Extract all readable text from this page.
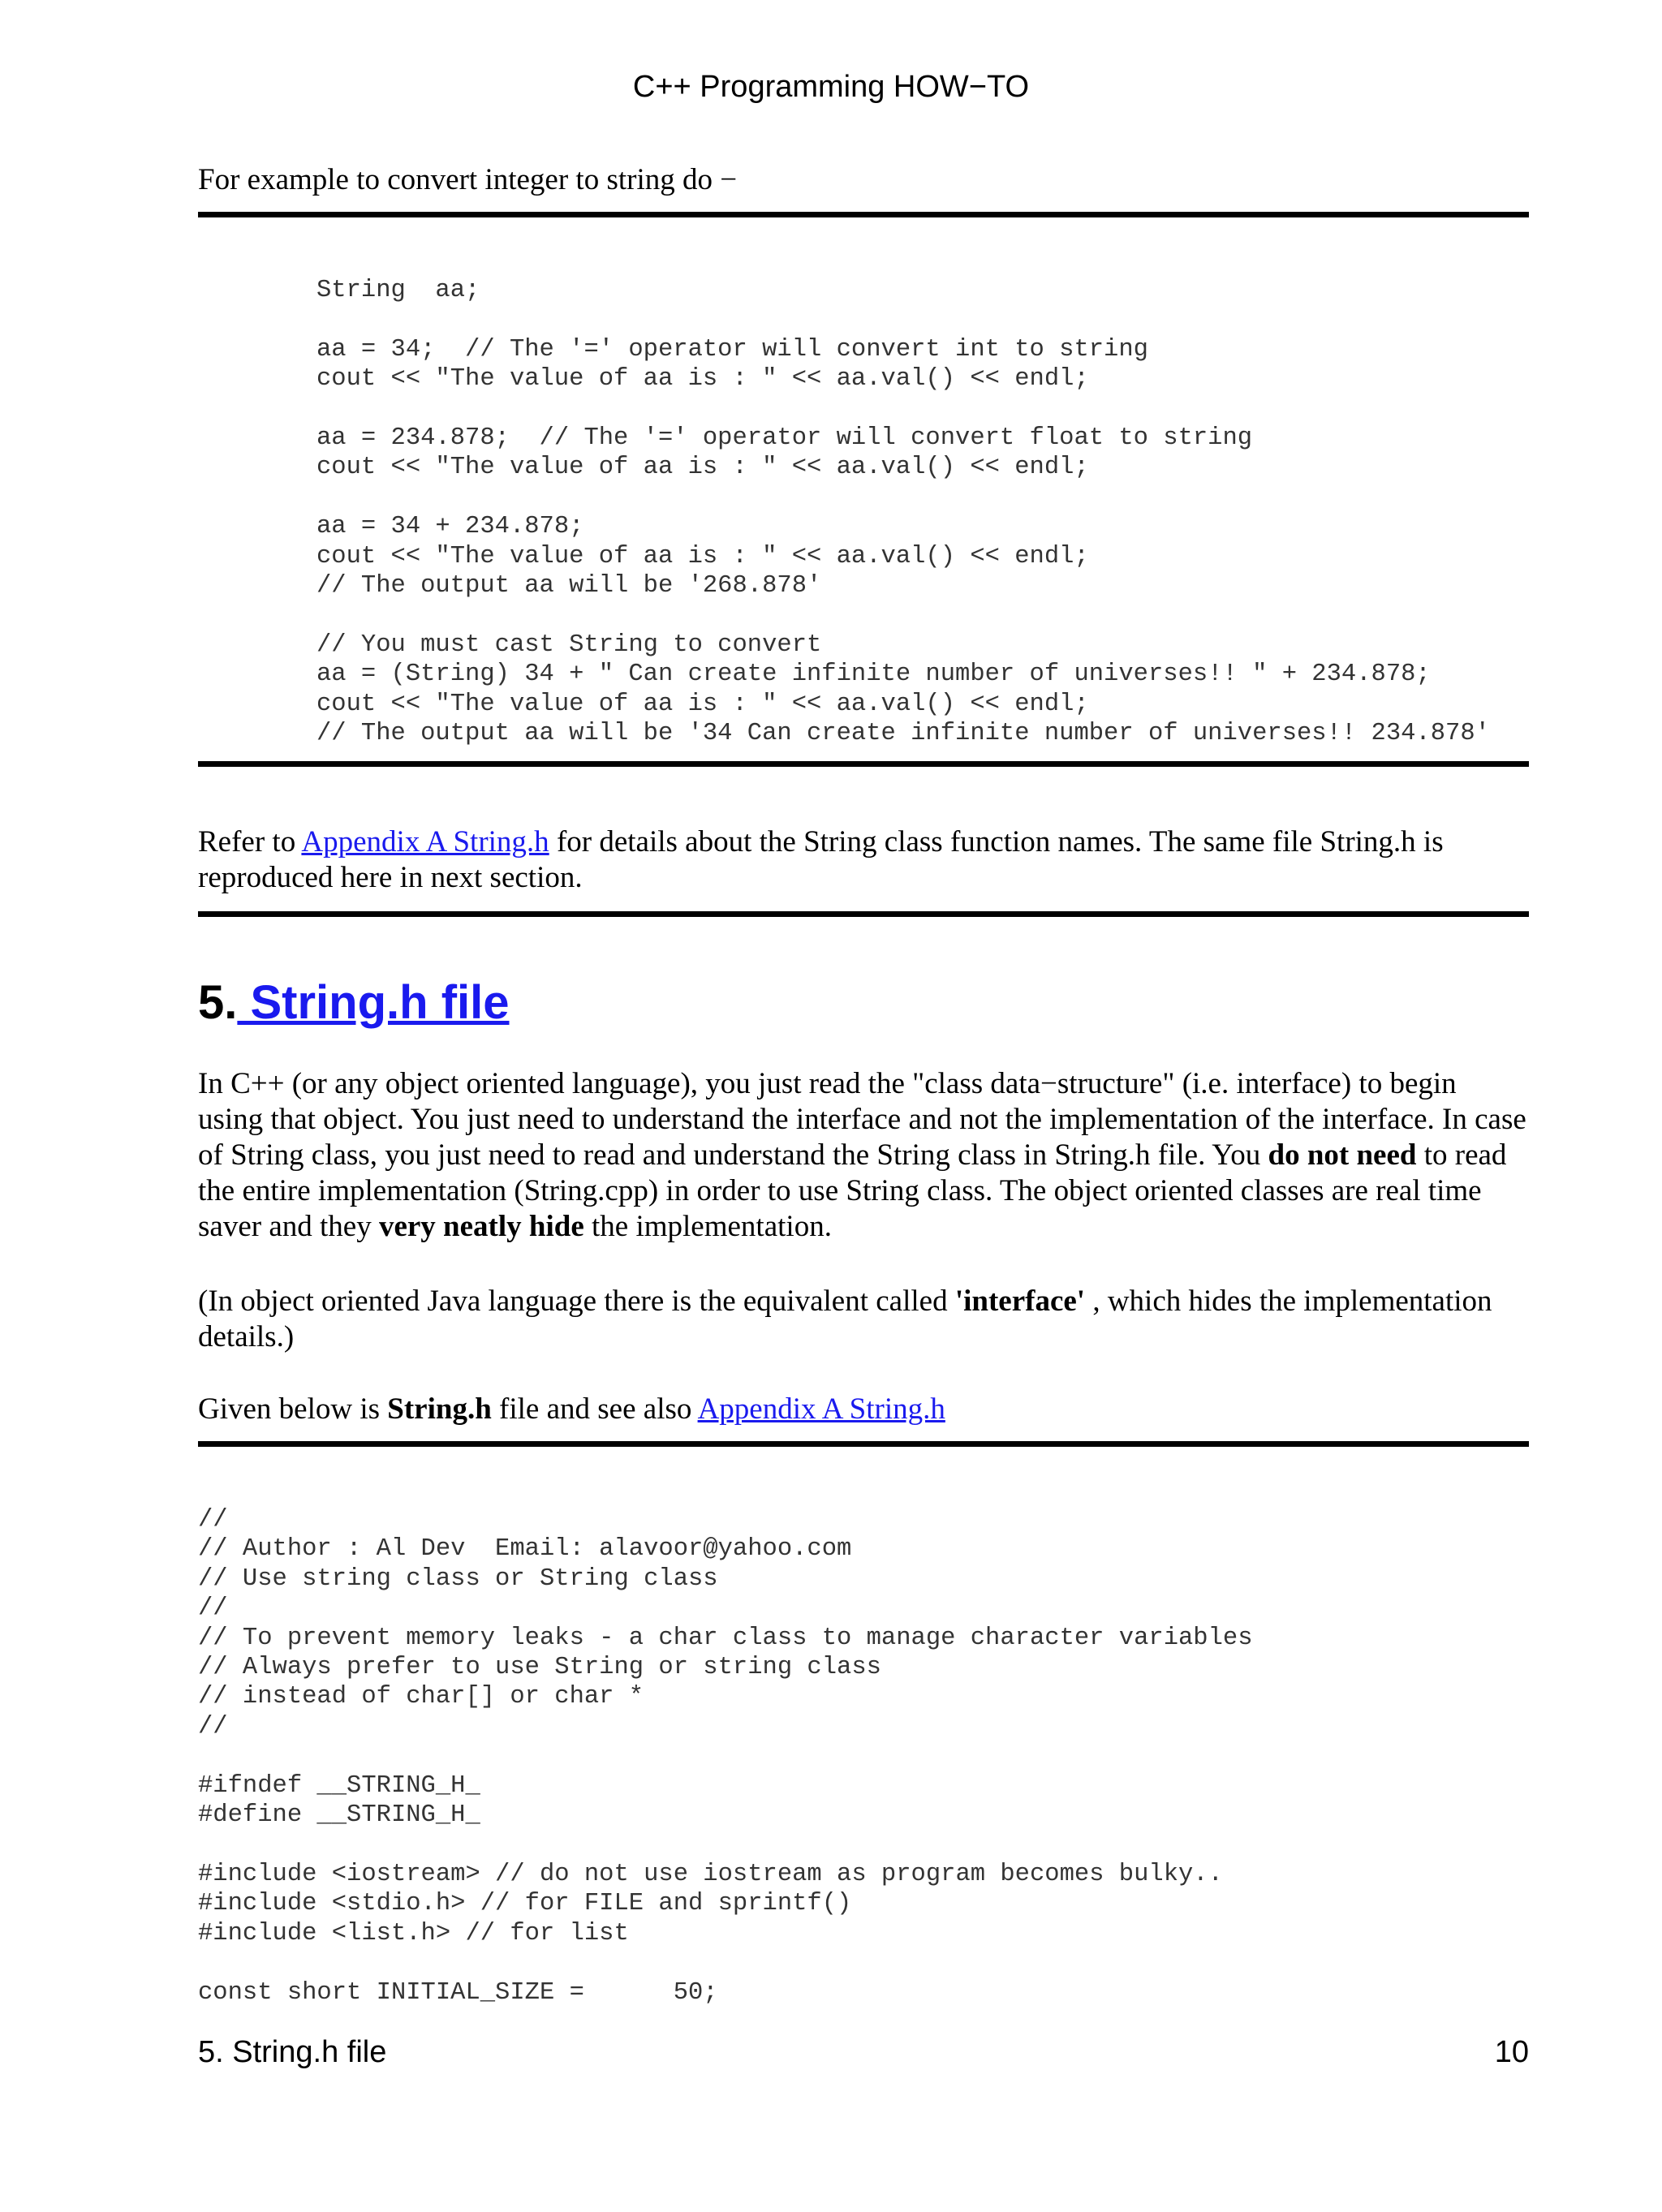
C++ Programming HOW−TO
For example to convert integer to string do −
String  aa;

aa = 34;  // The '=' operator will convert int to string
cout << "The value of aa is : " << aa.val() << endl;

aa = 234.878;  // The '=' operator will convert float to string
cout << "The value of aa is : " << aa.val() << endl;

aa = 34 + 234.878;
cout << "The value of aa is : " << aa.val() << endl;
// The output aa will be '268.878'

// You must cast String to convert
aa = (String) 34 + " Can create infinite number of universes!! " + 234.878;
cout << "The value of aa is : " << aa.val() << endl;
// The output aa will be '34 Can create infinite number of universes!! 234.878'
Refer to Appendix A String.h for details about the String class function names. The same file String.h is reproduced here in next section.
5. String.h file
In C++ (or any object oriented language), you just read the "class data−structure" (i.e. interface) to begin using that object. You just need to understand the interface and not the implementation of the interface. In case of String class, you just need to read and understand the String class in String.h file. You do not need to read the entire implementation (String.cpp) in order to use String class. The object oriented classes are real time saver and they very neatly hide the implementation.
(In object oriented Java language there is the equivalent called 'interface' , which hides the implementation details.)
Given below is String.h file and see also Appendix A String.h
//
// Author : Al Dev  Email: alavoor@yahoo.com
// Use string class or String class
//
// To prevent memory leaks - a char class to manage character variables
// Always prefer to use String or string class
// instead of char[] or char *
//

#ifndef __STRING_H_
#define __STRING_H_

#include <iostream> // do not use iostream as program becomes bulky..
#include <stdio.h> // for FILE and sprintf()
#include <list.h> // for list

const short INITIAL_SIZE =      50;
5. String.h file	10
